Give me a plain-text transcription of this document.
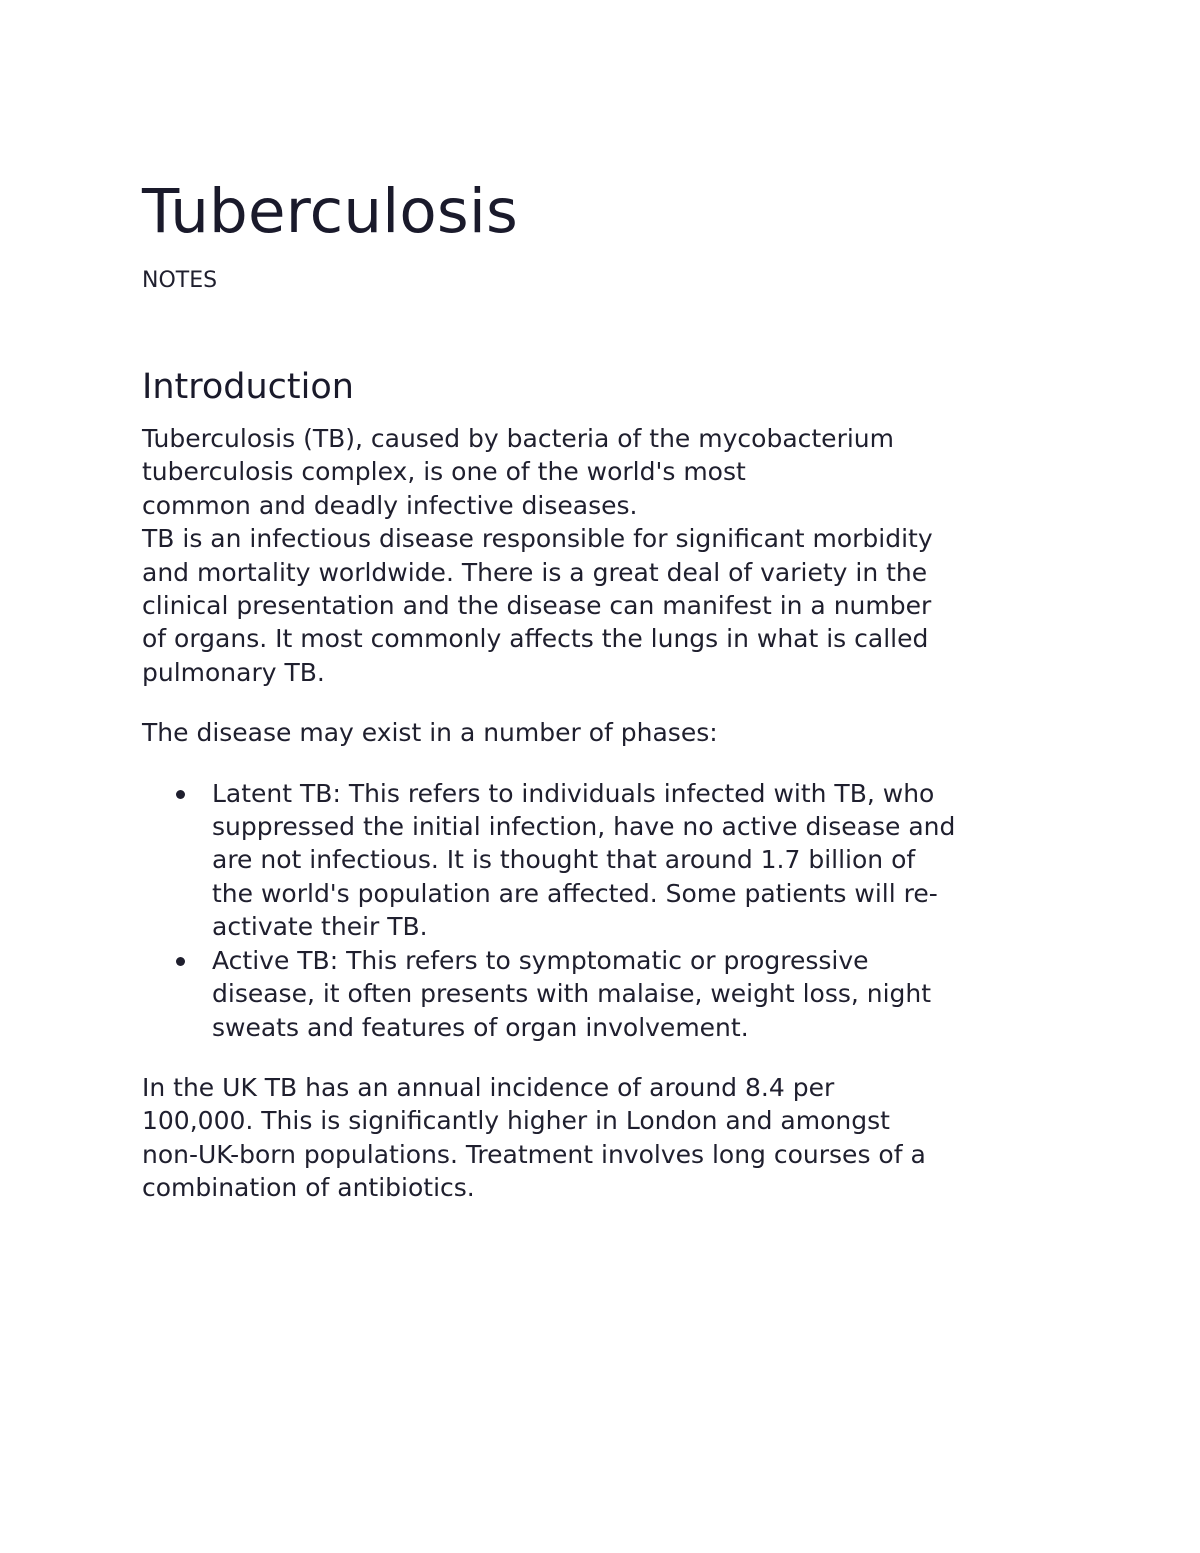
Tuberculosis
NOTES
Introduction

Tuberculosis (TB), caused by bacteria of the mycobacterium
tuberculosis complex, is one of the world's most
common and deadly infective diseases.

TB is an infectious disease responsible for significant morbidity
and mortality worldwide. There is a great deal of variety in the
clinical presentation and the disease can manifest in a number
of organs. It most commonly affects the lungs in what is called
pulmonary TB.

The disease may exist in a number of phases:

Latent TB: This refers to individuals infected with TB, who
suppressed the initial infection, have no active disease and
are not infectious. It is thought that around 1.7 billion of
the world's population are affected. Some patients will re-
activate their TB.
Active TB: This refers to symptomatic or progressive
disease, it often presents with malaise, weight loss, night
sweats and features of organ involvement.

In the UK TB has an annual incidence of around 8.4 per
100,000. This is significantly higher in London and amongst
non-UK-born populations. Treatment involves long courses of a
combination of antibiotics.
